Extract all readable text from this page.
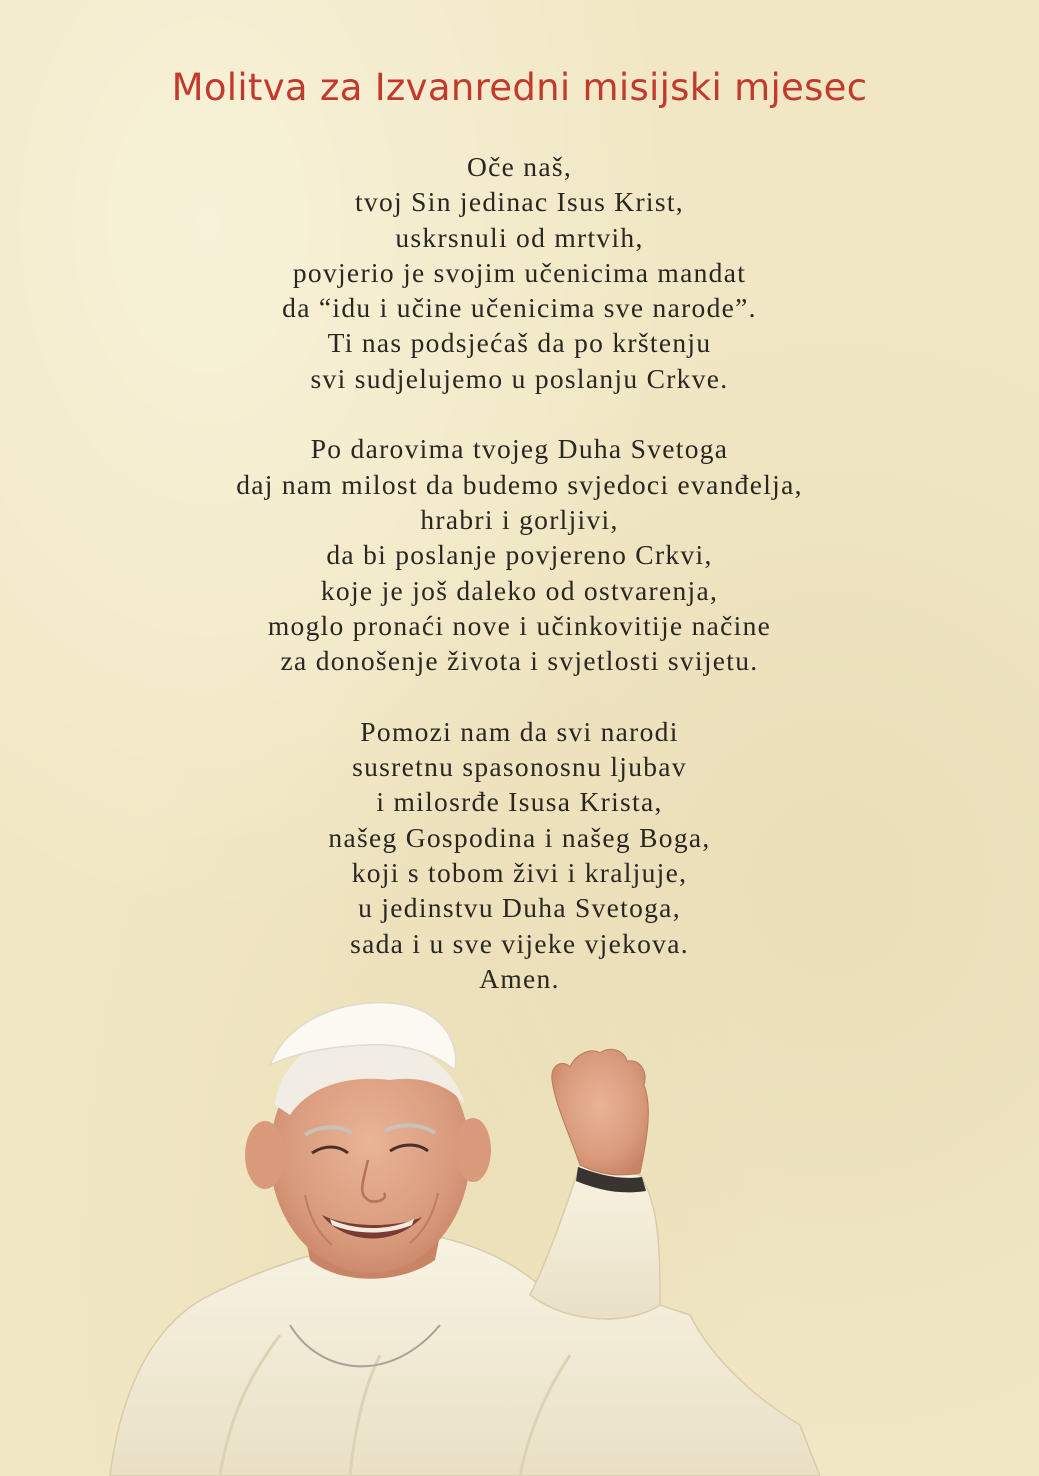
Molitva za Izvanredni misijski mjesec

Oče naš,
tvoj Sin jedinac Isus Krist,
uskrsnuli od mrtvih,
povjerio je svojim učenicima mandat
da “idu i učine učenicima sve narode”.
Ti nas podsjećaš da po krštenju
svi sudjelujemo u poslanju Crkve.

Po darovima tvojeg Duha Svetoga
daj nam milost da budemo svjedoci evanđelja,
hrabri i gorljivi,
da bi poslanje povjereno Crkvi,
koje je još daleko od ostvarenja,
moglo pronaći nove i učinkovitije načine
za donošenje života i svjetlosti svijetu.

Pomozi nam da svi narodi
susretnu spasonosnu ljubav
i milosrđe Isusa Krista,
našeg Gospodina i našeg Boga,
koji s tobom živi i kraljuje,
u jedinstvu Duha Svetoga,
sada i u sve vijeke vjekova.
Amen.
